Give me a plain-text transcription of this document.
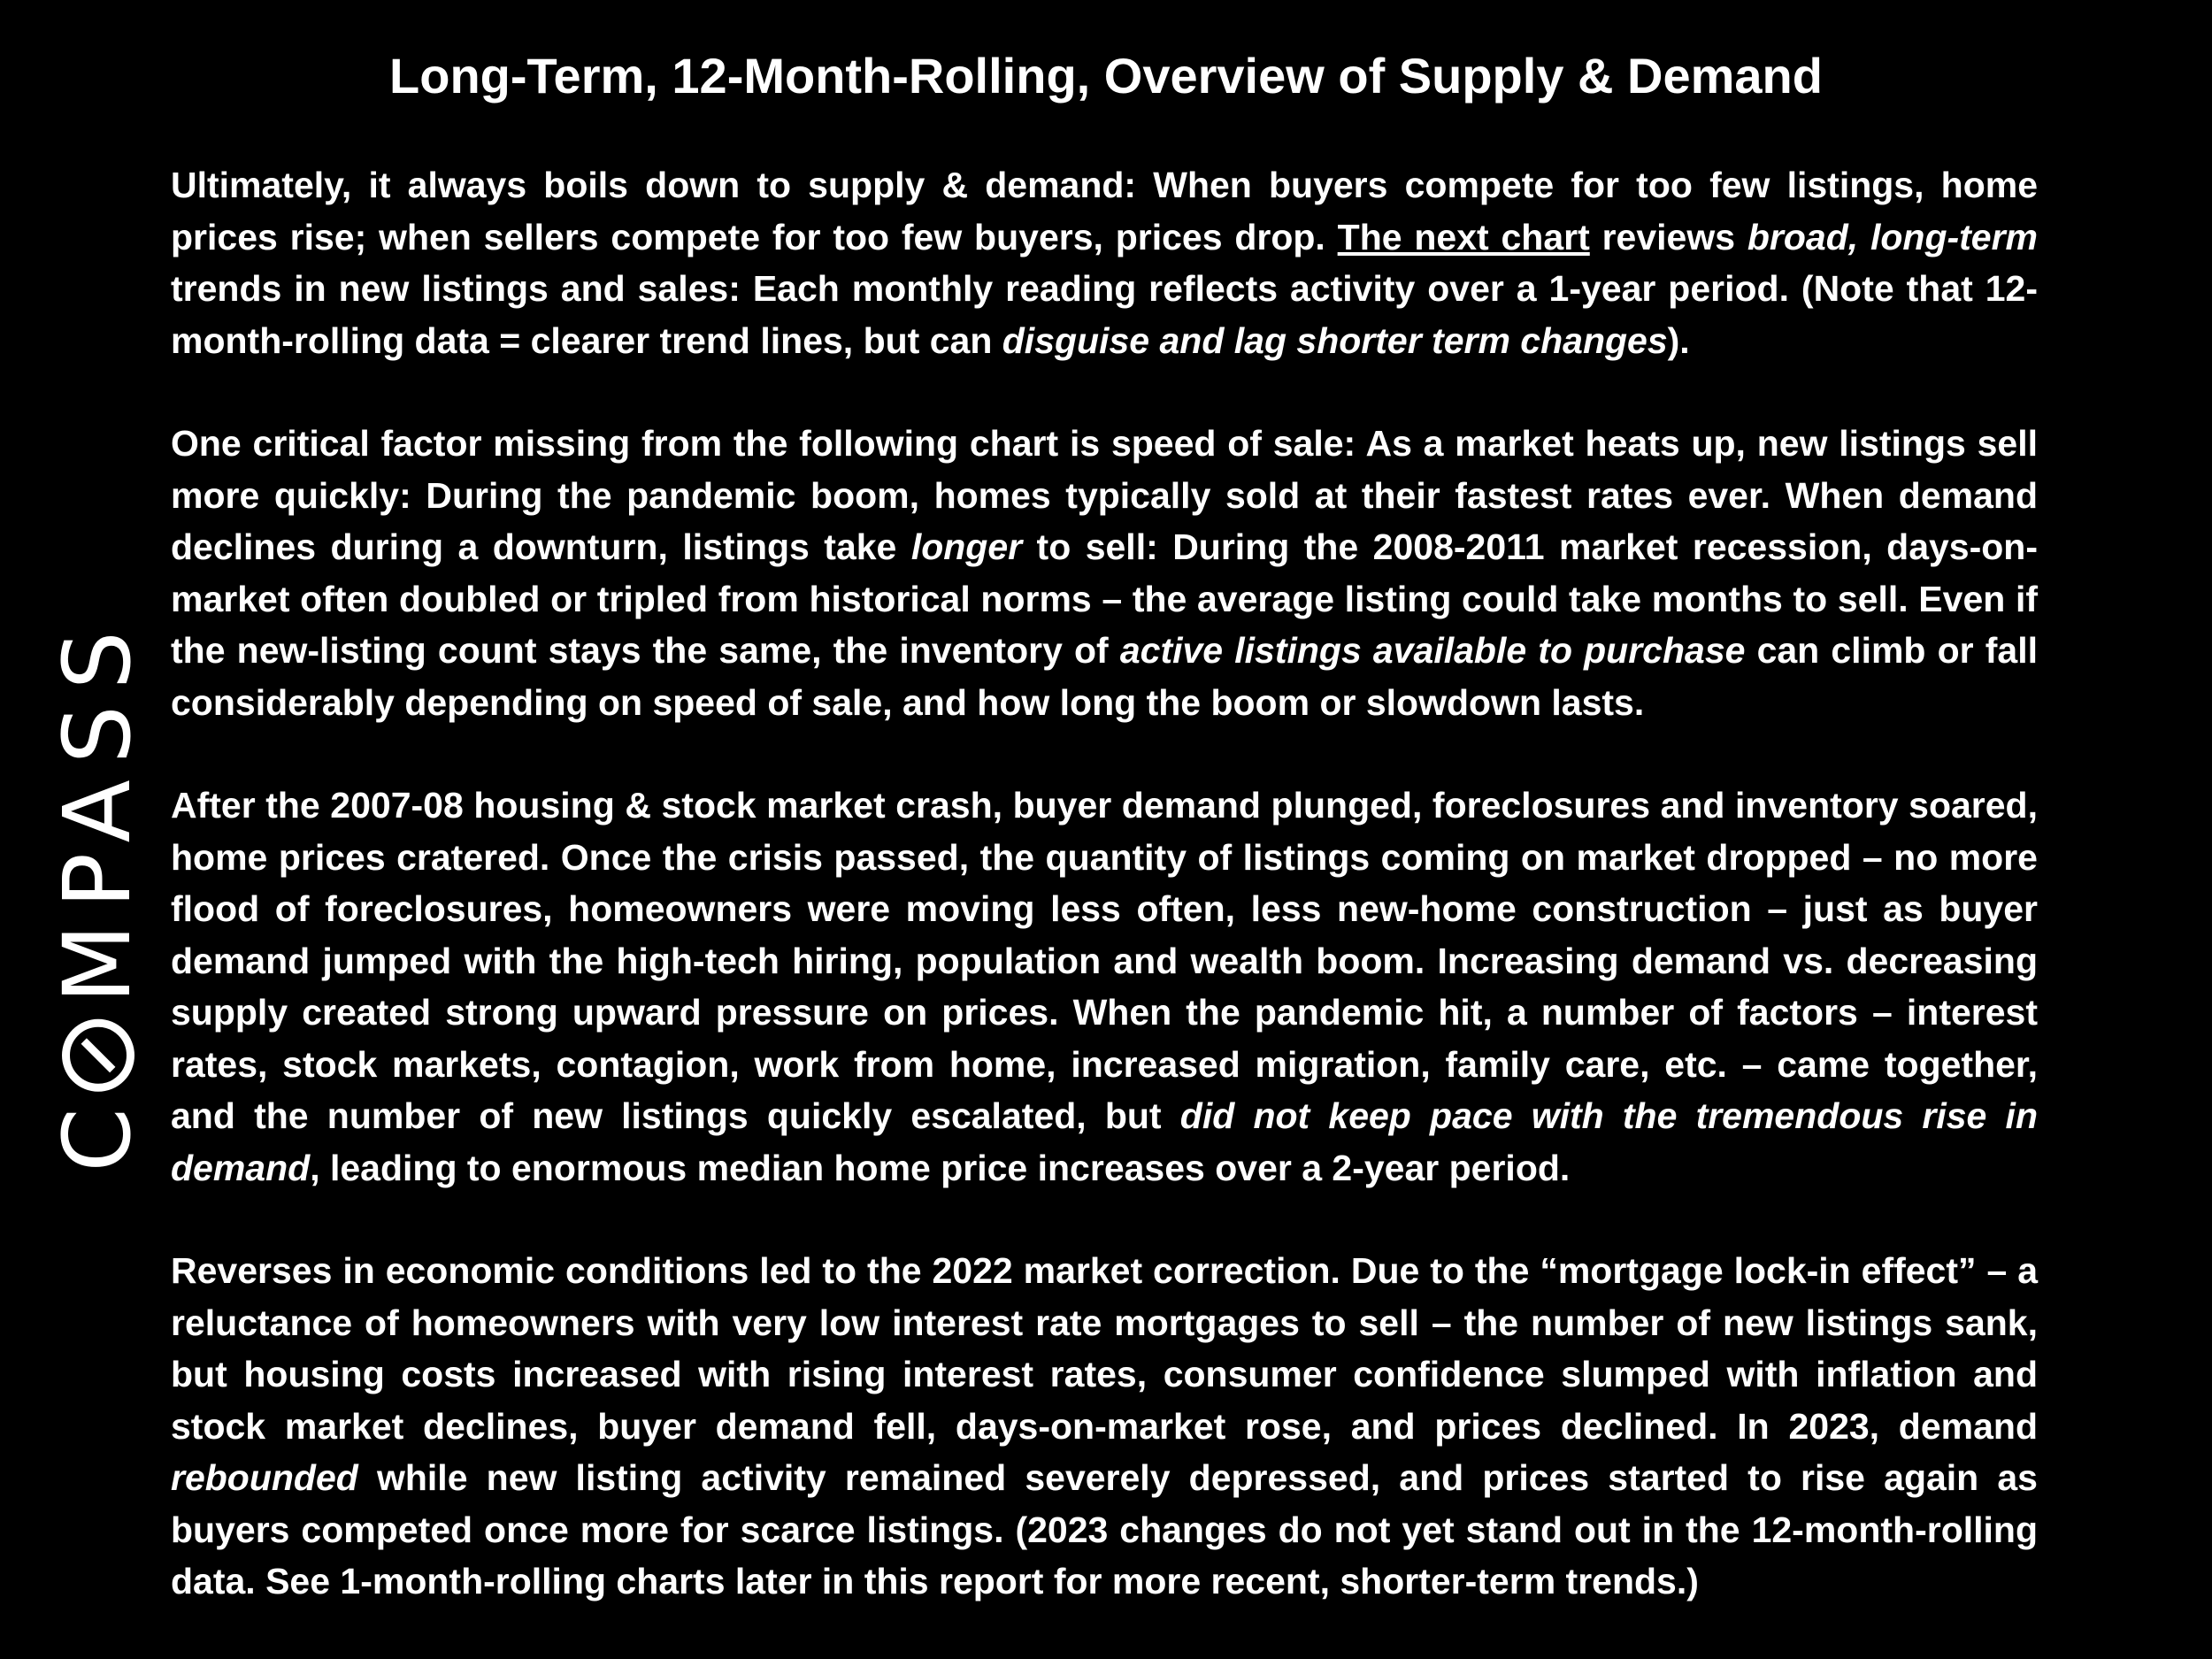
Long-Term, 12-Month-Rolling, Overview of Supply & Demand
CMPASS

Ultimately, it always boils down to supply & demand: When buyers compete for too few listings, home prices rise; when sellers compete for too few buyers, prices drop. The next chart reviews broad, long-term trends in new listings and sales: Each monthly reading reflects activity over a 1-year period. (Note that 12-month-rolling data = clearer trend lines, but can disguise and lag shorter term changes).

One critical factor missing from the following chart is speed of sale: As a market heats up, new listings sell more quickly: During the pandemic boom, homes typically sold at their fastest rates ever. When demand declines during a downturn, listings take longer to sell: During the 2008-2011 market recession, days-on-market often doubled or tripled from historical norms – the average listing could take months to sell. Even if the new-listing count stays the same, the inventory of active listings available to purchase can climb or fall considerably depending on speed of sale, and how long the boom or slowdown lasts.

After the 2007-08 housing & stock market crash, buyer demand plunged, foreclosures and inventory soared, home prices cratered. Once the crisis passed, the quantity of listings coming on market dropped – no more flood of foreclosures, homeowners were moving less often, less new-home construction – just as buyer demand jumped with the high-tech hiring, population and wealth boom. Increasing demand vs. decreasing supply created strong upward pressure on prices. When the pandemic hit, a number of factors – interest rates, stock markets, contagion, work from home, increased migration, family care, etc. – came together, and the number of new listings quickly escalated, but did not keep pace with the tremendous rise in demand, leading to enormous median home price increases over a 2-year period.

Reverses in economic conditions led to the 2022 market correction. Due to the “mortgage lock-in effect” – a reluctance of homeowners with very low interest rate mortgages to sell – the number of new listings sank, but housing costs increased with rising interest rates, consumer confidence slumped with inflation and stock market declines, buyer demand fell, days-on-market rose, and prices declined. In 2023, demand rebounded while new listing activity remained severely depressed, and prices started to rise again as buyers competed once more for scarce listings. (2023 changes do not yet stand out in the 12-month-rolling data. See 1-month-rolling charts later in this report for more recent, shorter-term trends.)
